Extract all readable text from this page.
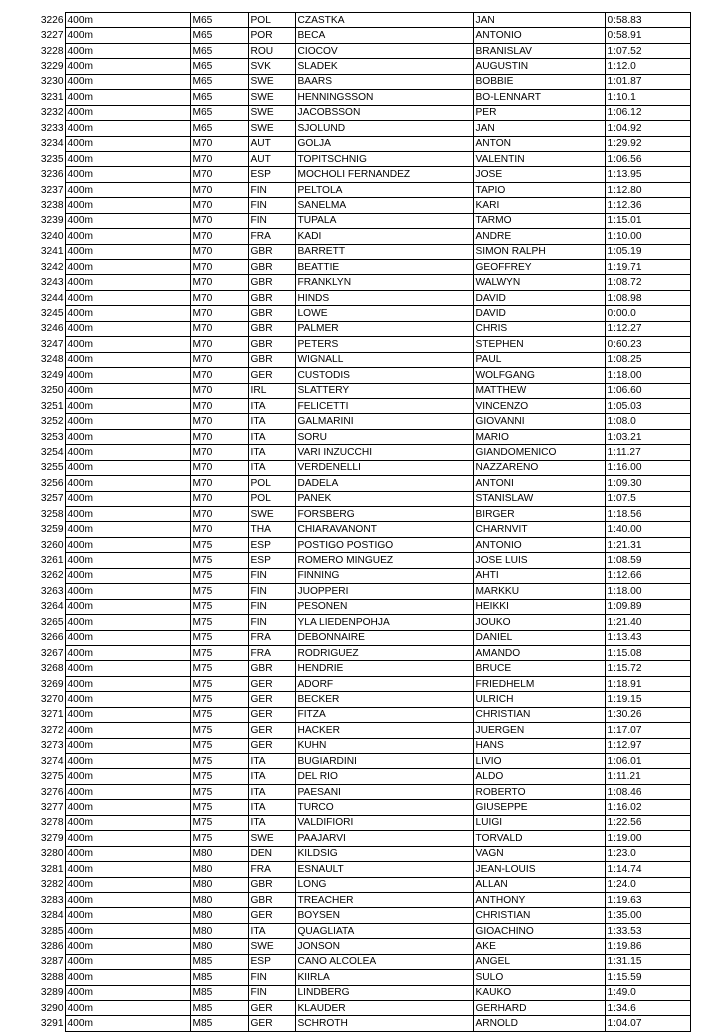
3226	400m	M65	POL	CZASTKA	JAN	0:58.83
3227	400m	M65	POR	BECA	ANTONIO	0:58.91
3228	400m	M65	ROU	CIOCOV	BRANISLAV	1:07.52
3229	400m	M65	SVK	SLADEK	AUGUSTIN	1:12.0
3230	400m	M65	SWE	BAARS	BOBBIE	1:01.87
3231	400m	M65	SWE	HENNINGSSON	BO-LENNART	1:10.1
3232	400m	M65	SWE	JACOBSSON	PER	1:06.12
3233	400m	M65	SWE	SJOLUND	JAN	1:04.92
3234	400m	M70	AUT	GOLJA	ANTON	1:29.92
3235	400m	M70	AUT	TOPITSCHNIG	VALENTIN	1:06.56
3236	400m	M70	ESP	MOCHOLI FERNANDEZ	JOSE	1:13.95
3237	400m	M70	FIN	PELTOLA	TAPIO	1:12.80
3238	400m	M70	FIN	SANELMA	KARI	1:12.36
3239	400m	M70	FIN	TUPALA	TARMO	1:15.01
3240	400m	M70	FRA	KADI	ANDRE	1:10.00
3241	400m	M70	GBR	BARRETT	SIMON RALPH	1:05.19
3242	400m	M70	GBR	BEATTIE	GEOFFREY	1:19.71
3243	400m	M70	GBR	FRANKLYN	WALWYN	1:08.72
3244	400m	M70	GBR	HINDS	DAVID	1:08.98
3245	400m	M70	GBR	LOWE	DAVID	0:00.0
3246	400m	M70	GBR	PALMER	CHRIS	1:12.27
3247	400m	M70	GBR	PETERS	STEPHEN	0:60.23
3248	400m	M70	GBR	WIGNALL	PAUL	1:08.25
3249	400m	M70	GER	CUSTODIS	WOLFGANG	1:18.00
3250	400m	M70	IRL	SLATTERY	MATTHEW	1:06.60
3251	400m	M70	ITA	FELICETTI	VINCENZO	1:05.03
3252	400m	M70	ITA	GALMARINI	GIOVANNI	1:08.0
3253	400m	M70	ITA	SORU	MARIO	1:03.21
3254	400m	M70	ITA	VARI INZUCCHI	GIANDOMENICO	1:11.27
3255	400m	M70	ITA	VERDENELLI	NAZZARENO	1:16.00
3256	400m	M70	POL	DADELA	ANTONI	1:09.30
3257	400m	M70	POL	PANEK	STANISLAW	1:07.5
3258	400m	M70	SWE	FORSBERG	BIRGER	1:18.56
3259	400m	M70	THA	CHIARAVANONT	CHARNVIT	1:40.00
3260	400m	M75	ESP	POSTIGO POSTIGO	ANTONIO	1:21.31
3261	400m	M75	ESP	ROMERO MINGUEZ	JOSE LUIS	1:08.59
3262	400m	M75	FIN	FINNING	AHTI	1:12.66
3263	400m	M75	FIN	JUOPPERI	MARKKU	1:18.00
3264	400m	M75	FIN	PESONEN	HEIKKI	1:09.89
3265	400m	M75	FIN	YLA LIEDENPOHJA	JOUKO	1:21.40
3266	400m	M75	FRA	DEBONNAIRE	DANIEL	1:13.43
3267	400m	M75	FRA	RODRIGUEZ	AMANDO	1:15.08
3268	400m	M75	GBR	HENDRIE	BRUCE	1:15.72
3269	400m	M75	GER	ADORF	FRIEDHELM	1:18.91
3270	400m	M75	GER	BECKER	ULRICH	1:19.15
3271	400m	M75	GER	FITZA	CHRISTIAN	1:30.26
3272	400m	M75	GER	HACKER	JUERGEN	1:17.07
3273	400m	M75	GER	KUHN	HANS	1:12.97
3274	400m	M75	ITA	BUGIARDINI	LIVIO	1:06.01
3275	400m	M75	ITA	DEL RIO	ALDO	1:11.21
3276	400m	M75	ITA	PAESANI	ROBERTO	1:08.46
3277	400m	M75	ITA	TURCO	GIUSEPPE	1:16.02
3278	400m	M75	ITA	VALDIFIORI	LUIGI	1:22.56
3279	400m	M75	SWE	PAAJARVI	TORVALD	1:19.00
3280	400m	M80	DEN	KILDSIG	VAGN	1:23.0
3281	400m	M80	FRA	ESNAULT	JEAN-LOUIS	1:14.74
3282	400m	M80	GBR	LONG	ALLAN	1:24.0
3283	400m	M80	GBR	TREACHER	ANTHONY	1:19.63
3284	400m	M80	GER	BOYSEN	CHRISTIAN	1:35.00
3285	400m	M80	ITA	QUAGLIATA	GIOACHINO	1:33.53
3286	400m	M80	SWE	JONSON	AKE	1:19.86
3287	400m	M85	ESP	CANO ALCOLEA	ANGEL	1:31.15
3288	400m	M85	FIN	KIIRLA	SULO	1:15.59
3289	400m	M85	FIN	LINDBERG	KAUKO	1:49.0
3290	400m	M85	GER	KLAUDER	GERHARD	1:34.6
3291	400m	M85	GER	SCHROTH	ARNOLD	1:04.07
